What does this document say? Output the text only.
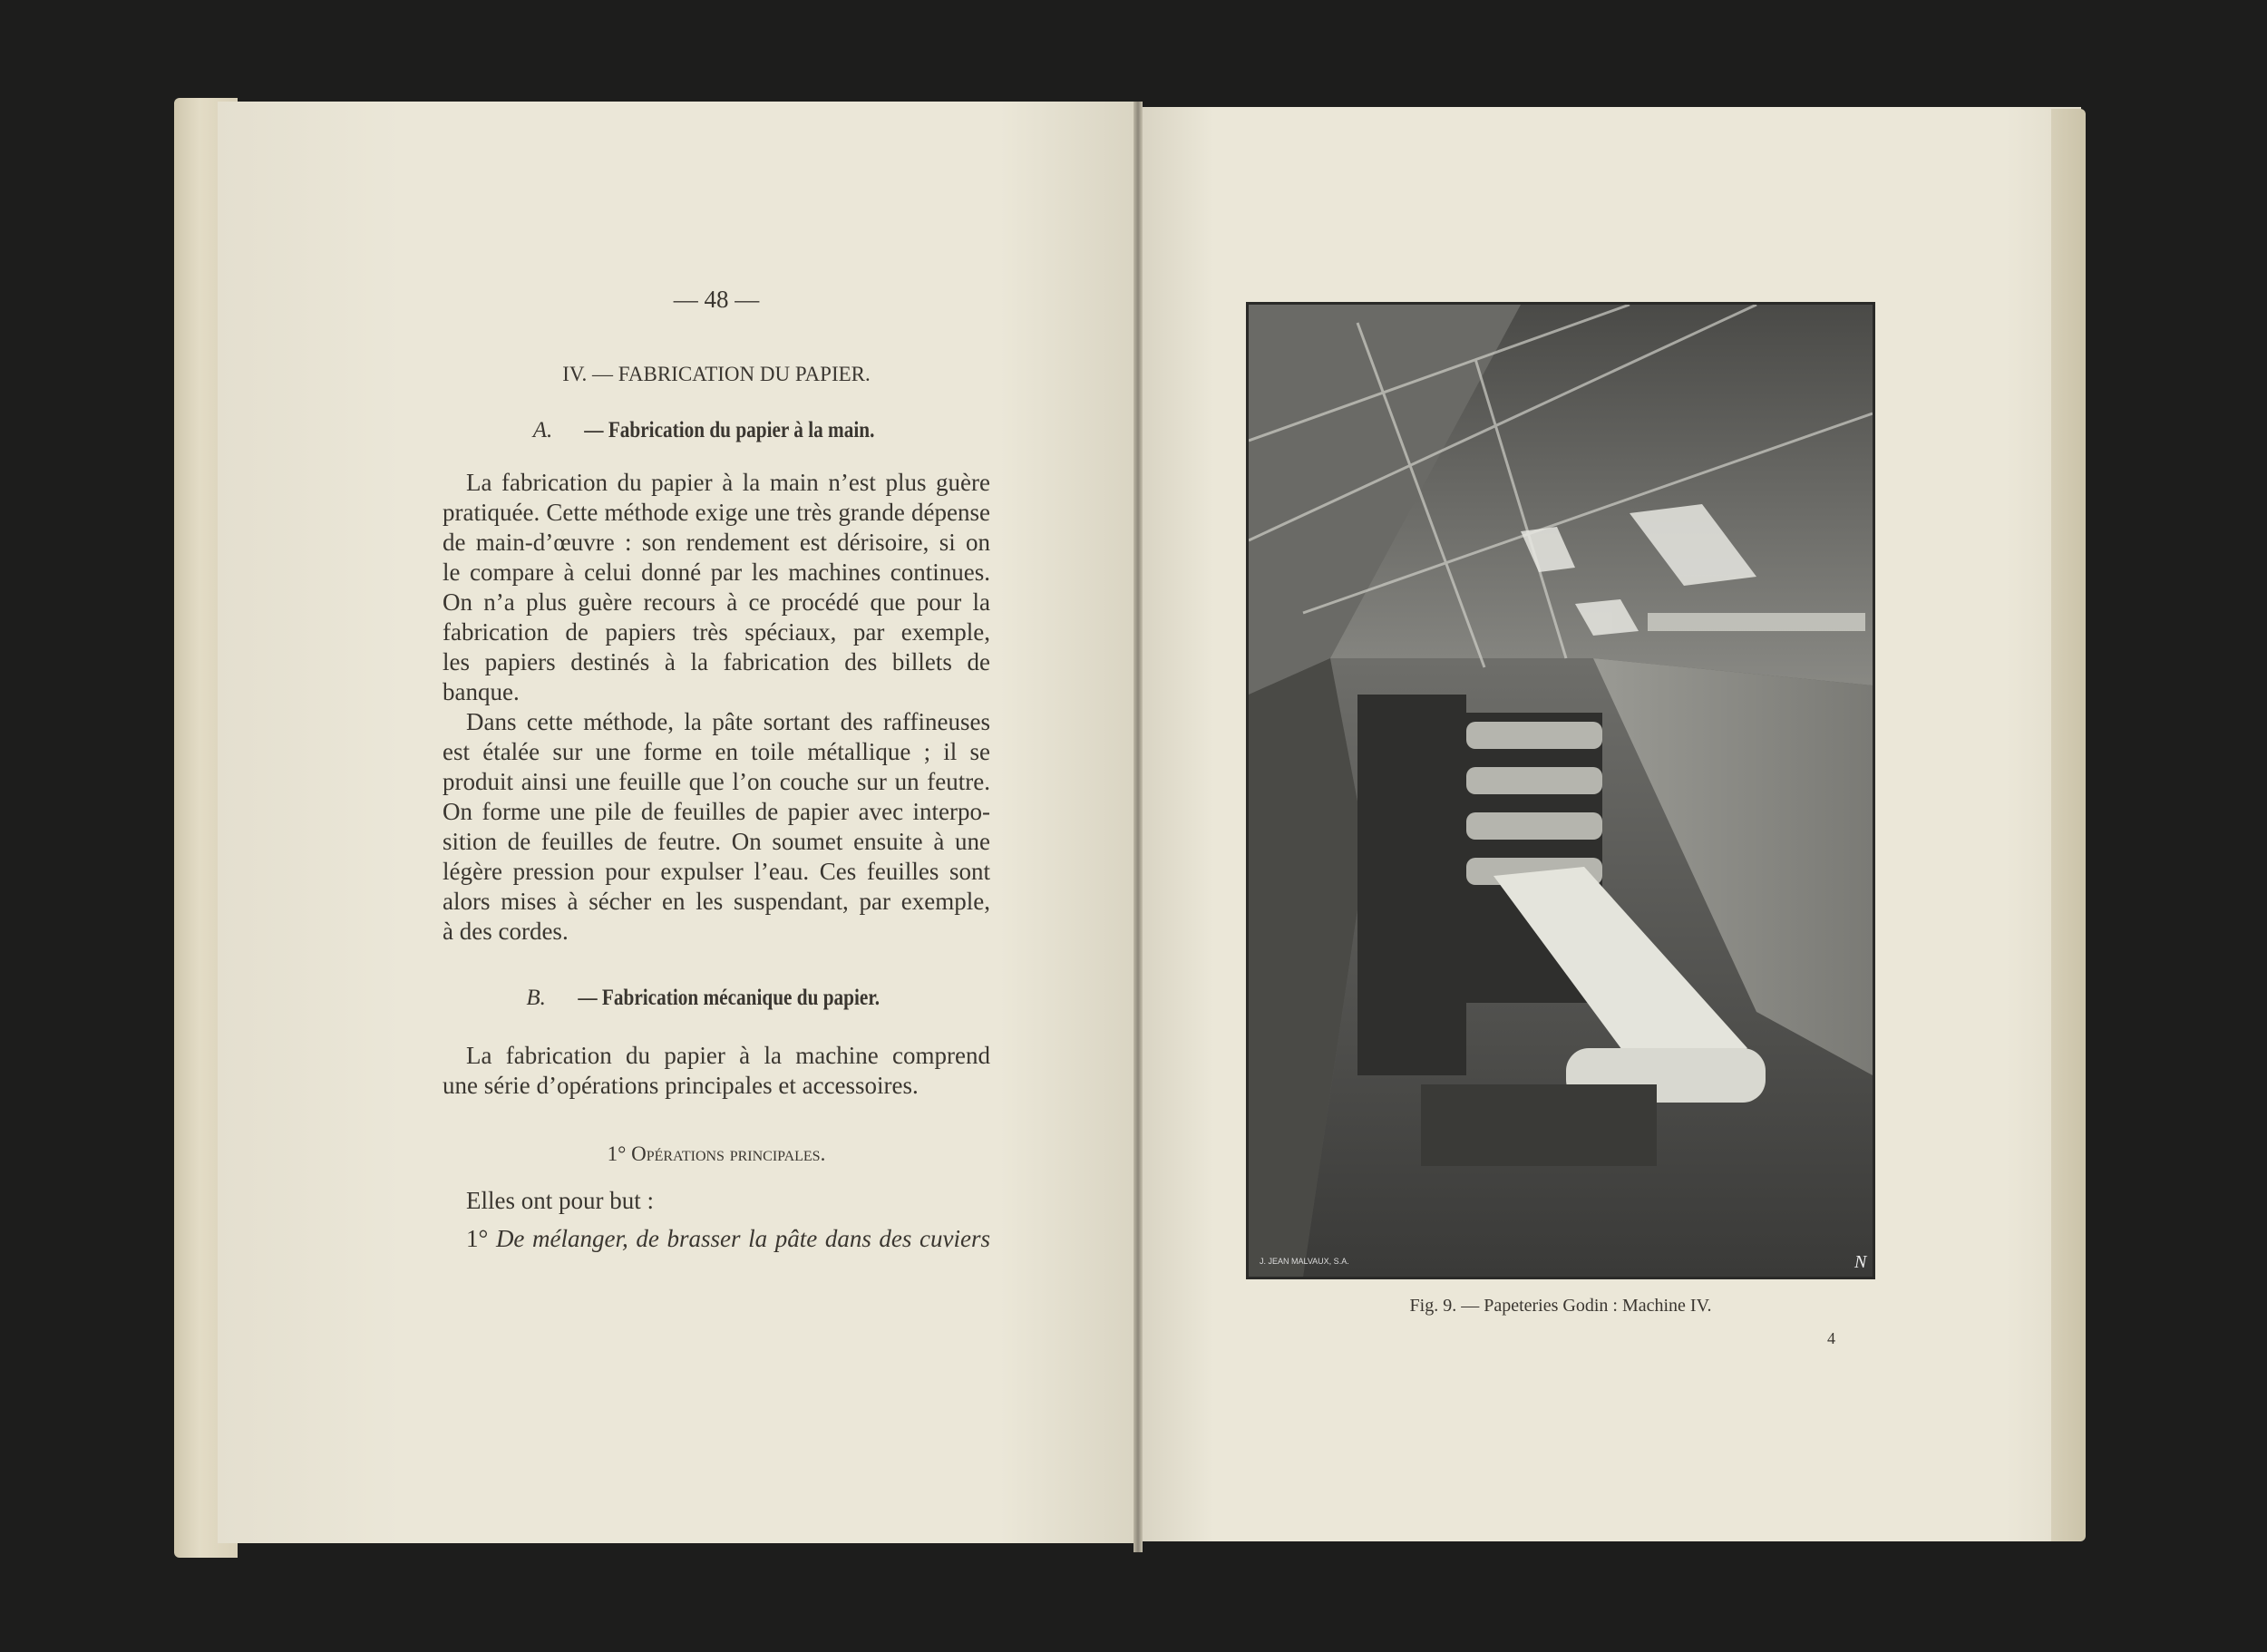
— 48 —
IV. — FABRICATION DU PAPIER.
A. — Fabrication du papier à la main.
La fabrication du papier à la main n’est plus guère
pratiquée. Cette méthode exige une très grande dépense
de main-d’œuvre : son rendement est dérisoire, si on
le compare à celui donné par les machines continues.
On n’a plus guère recours à ce procédé que pour la
fabrication de papiers très spéciaux, par exemple,
les papiers destinés à la fabrication des billets de
banque.
Dans cette méthode, la pâte sortant des raffineuses
est étalée sur une forme en toile métallique ; il se
produit ainsi une feuille que l’on couche sur un feutre.
On forme une pile de feuilles de papier avec interpo-
sition de feuilles de feutre. On soumet ensuite à une
légère pression pour expulser l’eau. Ces feuilles sont
alors mises à sécher en les suspendant, par exemple,
à des cordes.
B. — Fabrication mécanique du papier.
La fabrication du papier à la machine comprend
une série d’opérations principales et accessoires.
1° Opérations principales.
Elles ont pour but :
1° De mélanger, de brasser la pâte dans des cuviers
J. JEAN MALVAUX, S.A.	N
Fig. 9. — Papeteries Godin : Machine IV.
4
